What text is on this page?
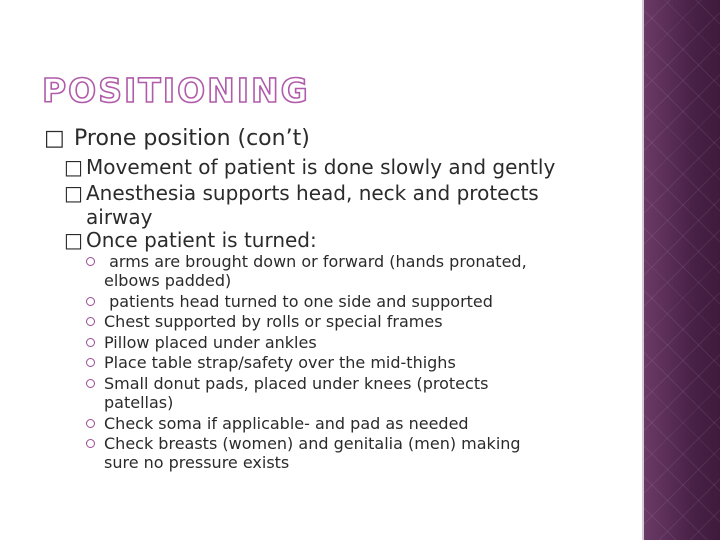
POSITIONING
□ Prone position (con’t)
□ Movement of patient is done slowly and gently
□ Anesthesia supports head, neck and protects
airway
□ Once patient is turned:
arms are brought down or forward (hands pronated,
elbows padded)
patients head turned to one side and supported
Chest supported by rolls or special frames
Pillow placed under ankles
Place table strap/safety over the mid-thighs
Small donut pads, placed under knees (protects
patellas)
Check soma if applicable- and pad as needed
Check breasts (women) and genitalia (men) making
sure no pressure exists
